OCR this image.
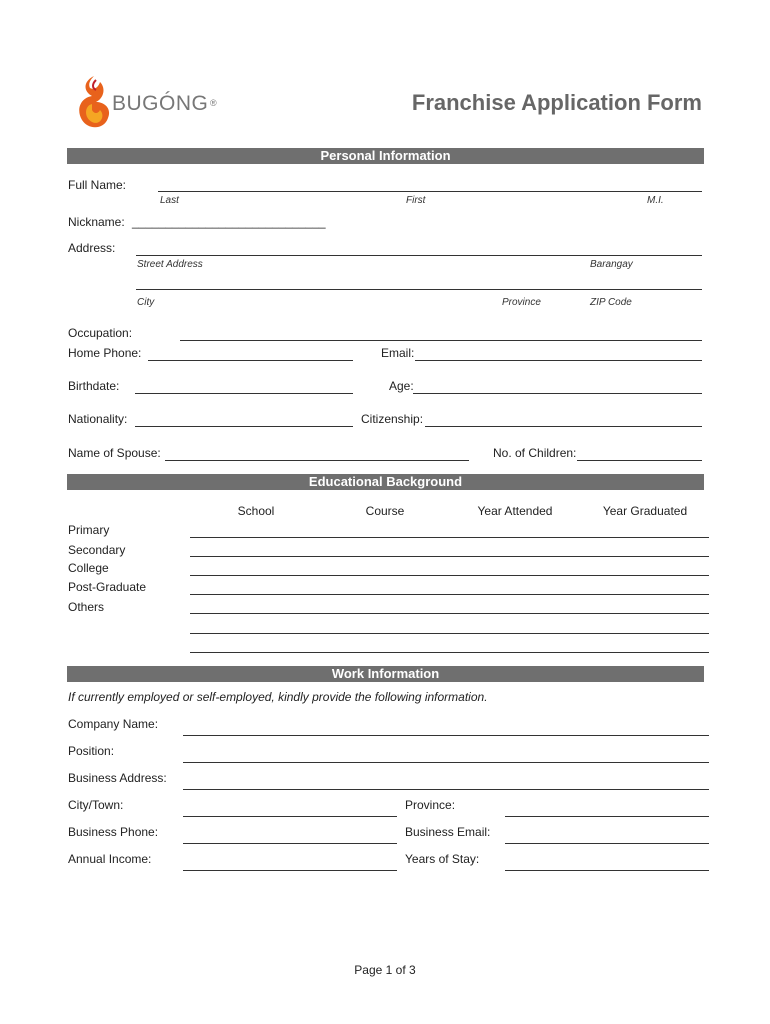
BUGÓNG ®	Franchise Application Form
Personal Information
Full Name:
Last	First	M.I.
Nickname: _____________________________
Address:
Street Address	Barangay
City	Province	ZIP Code
Occupation:
Home Phone:	Email:
Birthdate:	Age:
Nationality:	Citizenship:
Name of Spouse:	No. of Children:
Educational Background
School	Course	Year Attended	Year Graduated
Primary
Secondary
College
Post-Graduate
Others
Work Information
If currently employed or self-employed, kindly provide the following information.
Company Name:
Position:
Business Address:
City/Town:	Province:
Business Phone:	Business Email:
Annual Income:	Years of Stay:
Page 1 of 3
